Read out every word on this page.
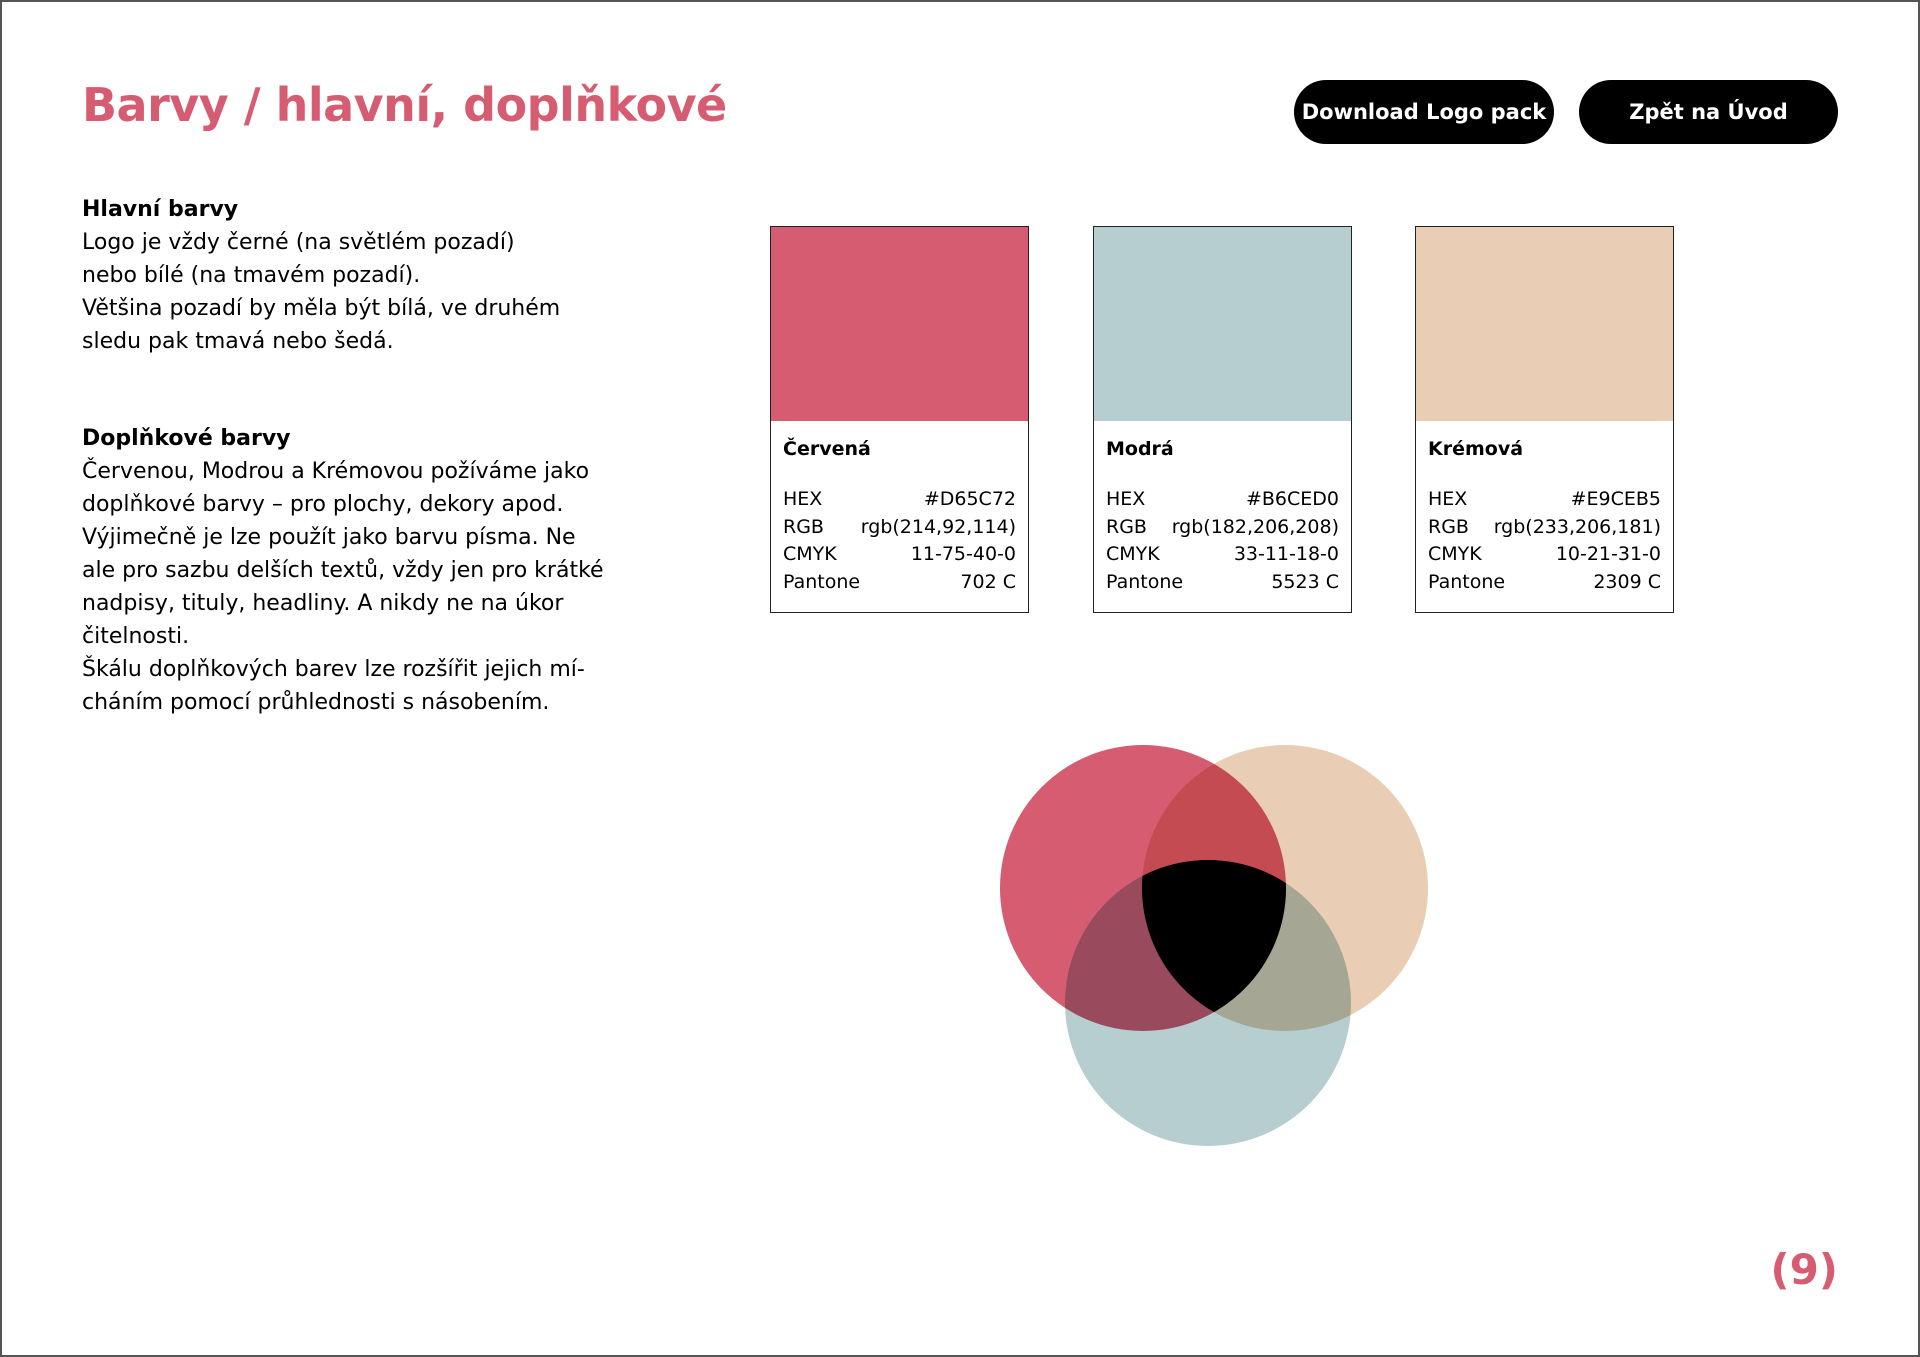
Barvy / hlavní, doplňkové	Download Logo pack	Zpět na Úvod
Hlavní barvy
Logo je vždy černé (na světlém pozadí)
nebo bílé (na tmavém pozadí).
Většina pozadí by měla být bílá, ve druhém
sledu pak tmavá nebo šedá.
Doplňkové barvy
Červenou, Modrou a Krémovou požíváme jako
doplňkové barvy – pro plochy, dekory apod.
Výjimečně je lze použít jako barvu písma. Ne
ale pro sazbu delších textů, vždy jen pro krátké
nadpisy, tituly, headliny. A nikdy ne na úkor
čitelnosti.
Škálu doplňkových barev lze rozšířit jejich mí-
cháním pomocí průhlednosti s násobením.
Červená
HEX	#D65C72
RGB rgb(214,92,114)
CMYK	11-75-40-0
Pantone	702 C
Modrá
HEX	#B6CED0
RGB rgb(182,206,208)
CMYK	33-11-18-0
Pantone	5523 C
Krémová
HEX	#E9CEB5
RGB rgb(233,206,181)
CMYK	10-21-31-0
Pantone	2309 C
(9)
